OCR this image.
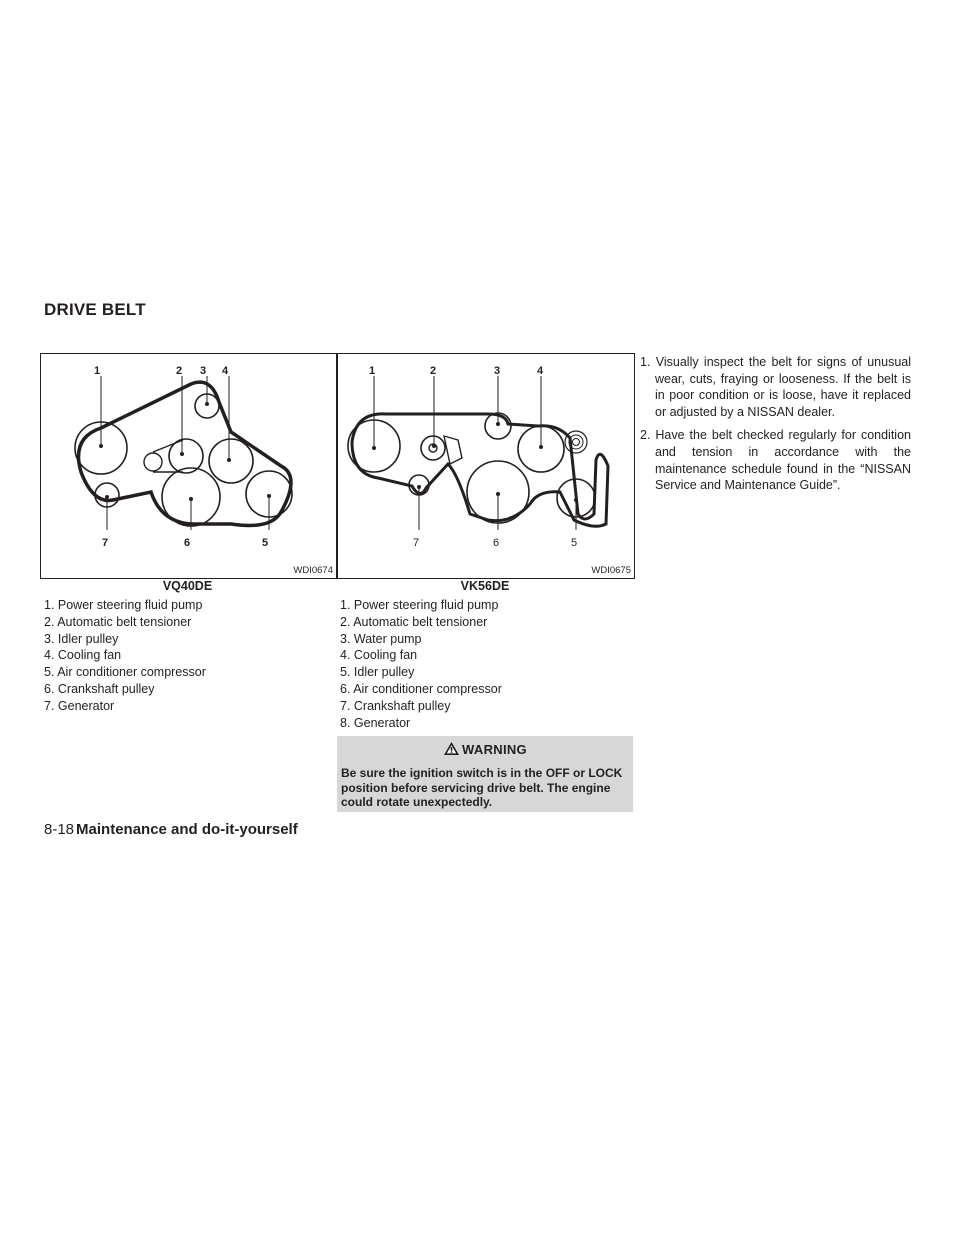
DRIVE BELT
1	2 3 4
7	6	5
WDI0674
1	2	3	4
7	6	5
WDI0675
VQ40DE	VK56DE
1. Power steering fluid pump
2. Automatic belt tensioner
3. Idler pulley
4. Cooling fan
5. Air conditioner compressor
6. Crankshaft pulley
7. Generator
1. Power steering fluid pump
2. Automatic belt tensioner
3. Water pump
4. Cooling fan
5. Idler pulley
6. Air conditioner compressor
7. Crankshaft pulley
8. Generator
WARNING
Be sure the ignition switch is in the OFF or LOCK position before servicing drive belt. The engine could rotate unexpectedly.
1. Visually inspect the belt for signs of unusual wear, cuts, fraying or looseness. If the belt is in poor condition or is loose, have it replaced or adjusted by a NISSAN dealer.
2. Have the belt checked regularly for condition and tension in accordance with the maintenance schedule found in the “NISSAN Service and Maintenance Guide”.
8-18 Maintenance and do-it-yourself
